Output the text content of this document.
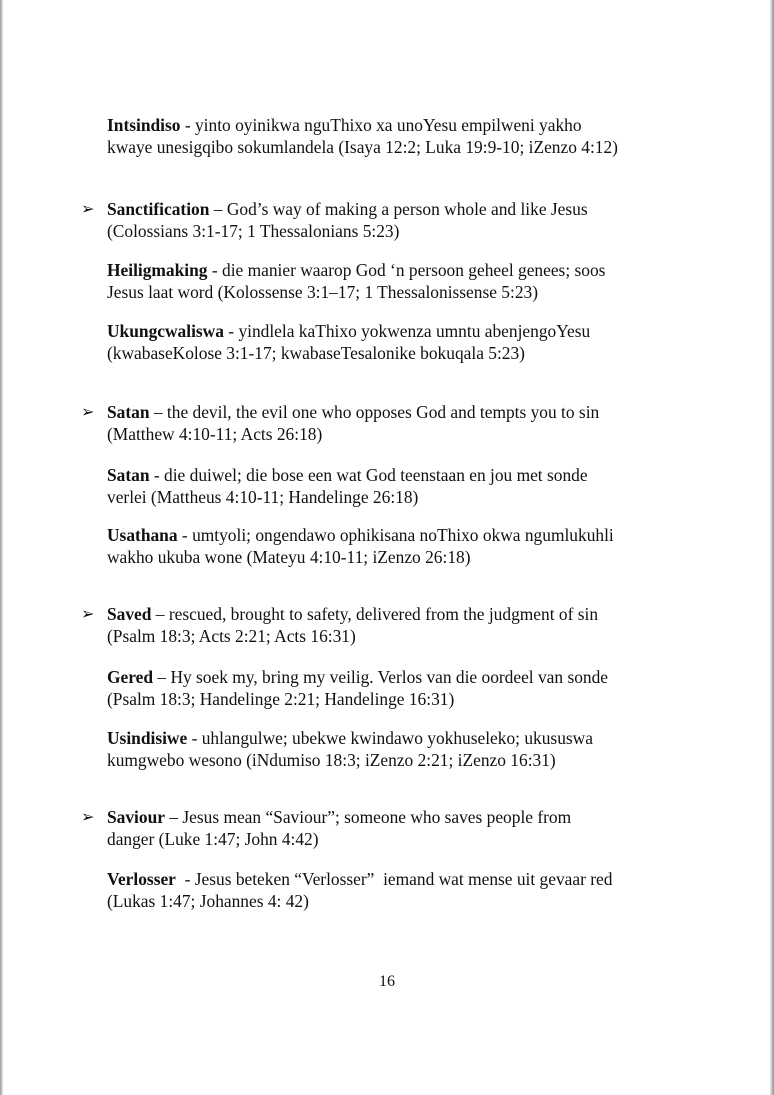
Intsindiso - yinto oyinikwa nguThixo xa unoYesu empilweni yakho
kwaye unesigqibo sokumlandela (Isaya 12:2; Luka 19:9-10; iZenzo 4:12)
➢ Sanctification – God’s way of making a person whole and like Jesus
(Colossians 3:1-17; 1 Thessalonians 5:23)
Heiligmaking - die manier waarop God ‘n persoon geheel genees; soos
Jesus laat word (Kolossense 3:1–17; 1 Thessalonissense 5:23)
Ukungcwaliswa - yindlela kaThixo yokwenza umntu abenjengoYesu
(kwabaseKolose 3:1-17; kwabaseTesalonike bokuqala 5:23)
➢ Satan – the devil, the evil one who opposes God and tempts you to sin
(Matthew 4:10-11; Acts 26:18)
Satan - die duiwel; die bose een wat God teenstaan en jou met sonde
verlei (Mattheus 4:10-11; Handelinge 26:18)
Usathana - umtyoli; ongendawo ophikisana noThixo okwa ngumlukuhli
wakho ukuba wone (Mateyu 4:10-11; iZenzo 26:18)
➢ Saved – rescued, brought to safety, delivered from the judgment of sin
(Psalm 18:3; Acts 2:21; Acts 16:31)
Gered – Hy soek my, bring my veilig. Verlos van die oordeel van sonde
(Psalm 18:3; Handelinge 2:21; Handelinge 16:31)
Usindisiwe - uhlangulwe; ubekwe kwindawo yokhuseleko; ukususwa
kumgwebo wesono (iNdumiso 18:3; iZenzo 2:21; iZenzo 16:31)
➢ Saviour – Jesus mean “Saviour”; someone who saves people from
danger (Luke 1:47; John 4:42)
Verlosser  - Jesus beteken “Verlosser”  iemand wat mense uit gevaar red
(Lukas 1:47; Johannes 4: 42)
16
